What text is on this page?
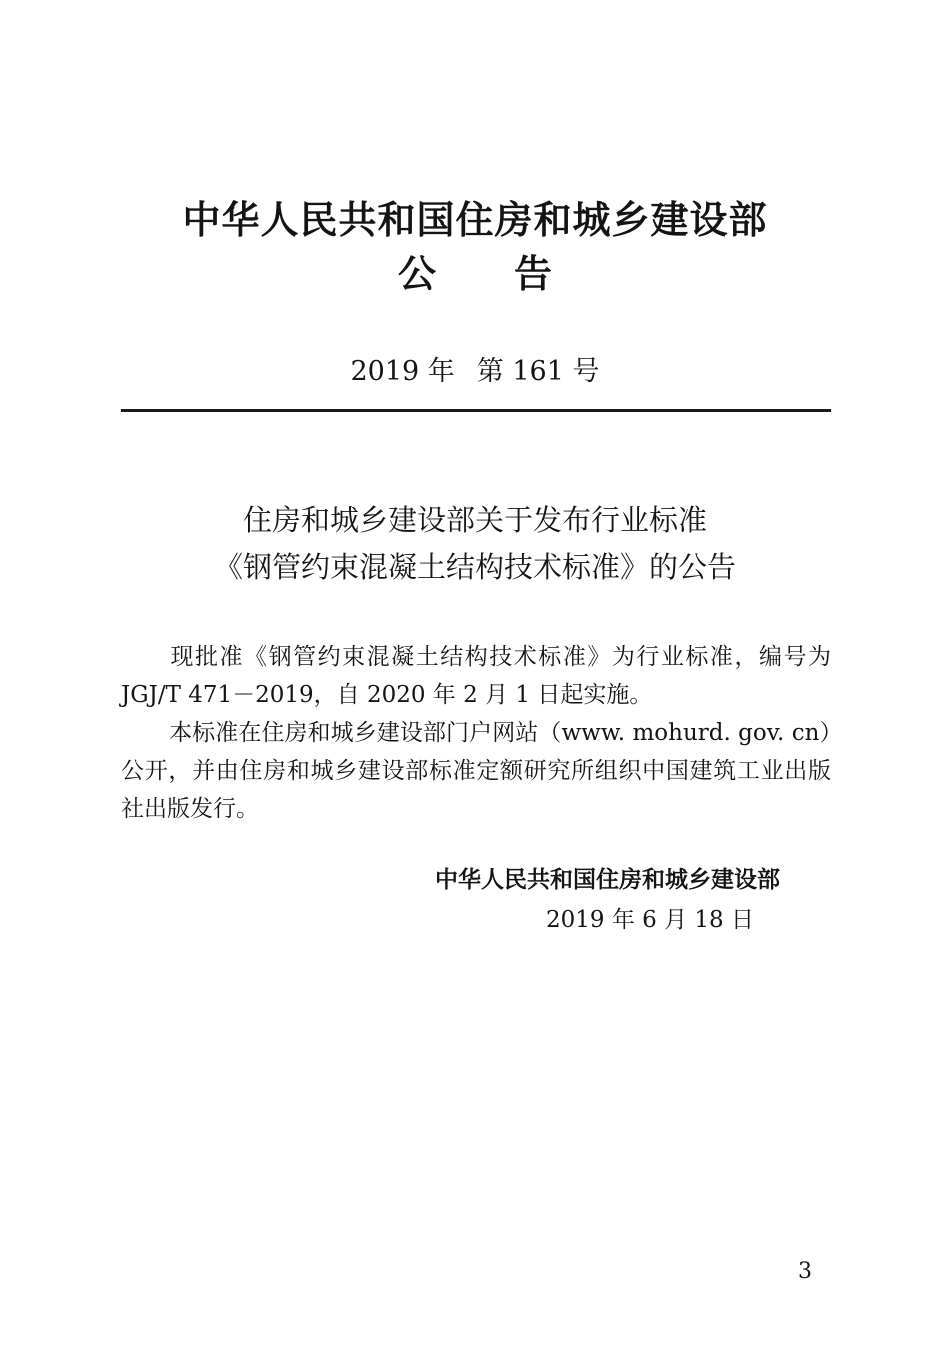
中华人民共和国住房和城乡建设部
公 告
2019 年 第 161 号
住房和城乡建设部关于发布行业标准
《钢管约束混凝土结构技术标准》的公告
现批准《钢管约束混凝土结构技术标准》为行业标准，编号为 JGJ/T 471－2019，自 2020 年 2 月 1 日起实施。
本标准在住房和城乡建设部门户网站（www. mohurd. gov. cn）公开，并由住房和城乡建设部标准定额研究所组织中国建筑工业出版社出版发行。
中华人民共和国住房和城乡建设部
2019 年 6 月 18 日
3
